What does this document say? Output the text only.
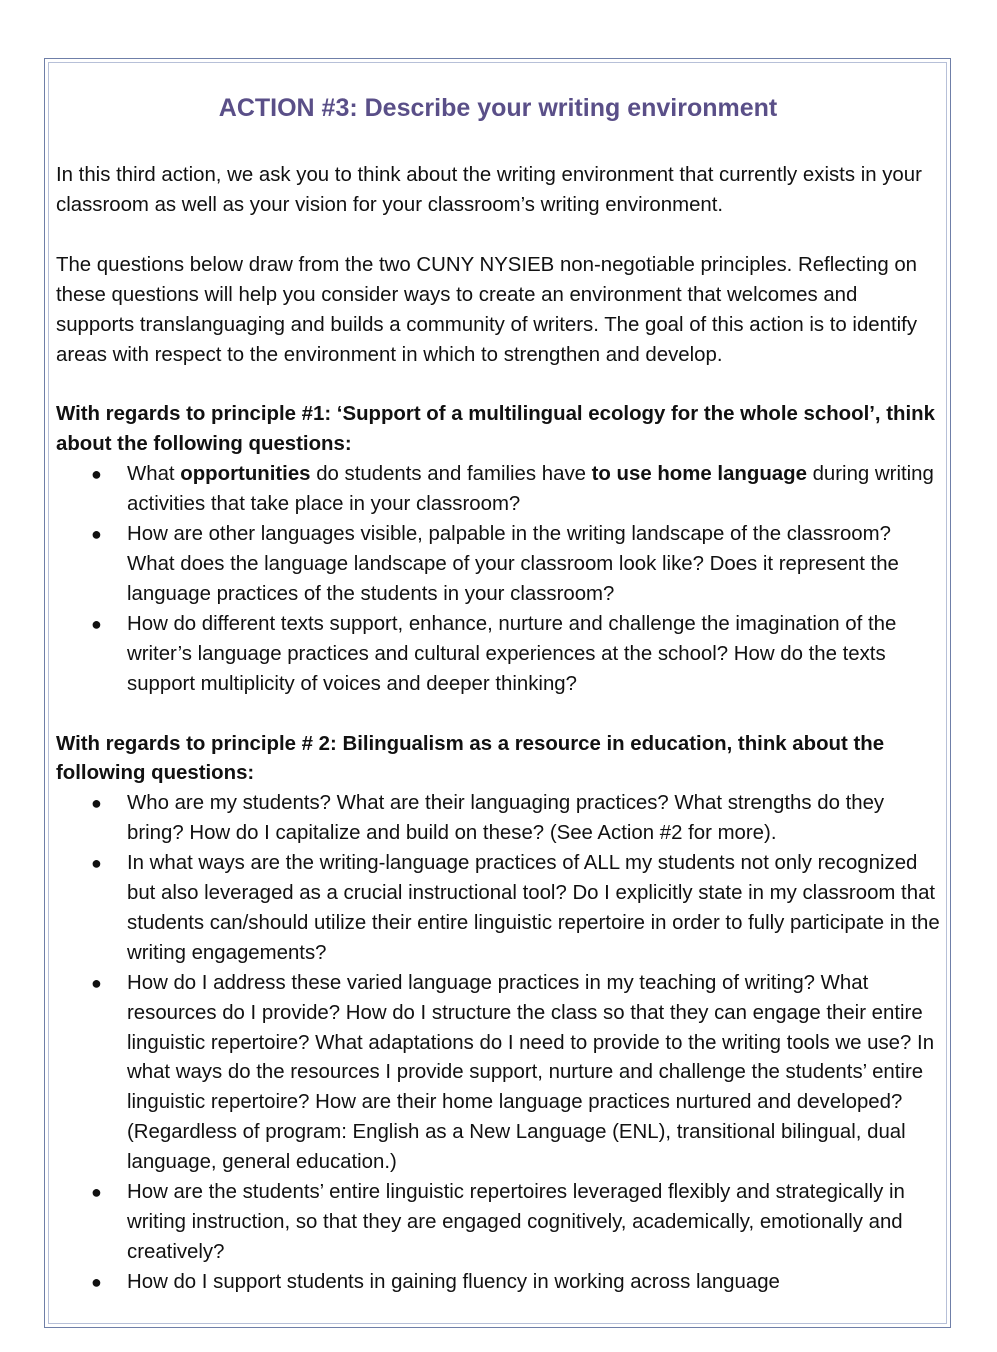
ACTION #3: Describe your writing environment

In this third action, we ask you to think about the writing environment that currently exists in your classroom as well as your vision for your classroom’s writing environment.

The questions below draw from the two CUNY NYSIEB non-negotiable principles. Reflecting on these questions will help you consider ways to create an environment that welcomes and supports translanguaging and builds a community of writers. The goal of this action is to identify areas with respect to the environment in which to strengthen and develop.

With regards to principle #1: ‘Support of a multilingual ecology for the whole school’, think about the following questions:

● What opportunities do students and families have to use home language during writing activities that take place in your classroom?
● How are other languages visible, palpable in the writing landscape of the classroom? What does the language landscape of your classroom look like? Does it represent the language practices of the students in your classroom?
● How do different texts support, enhance, nurture and challenge the imagination of the writer’s language practices and cultural experiences at the school? How do the texts support multiplicity of voices and deeper thinking?

With regards to principle # 2: Bilingualism as a resource in education, think about the following questions:

● Who are my students? What are their languaging practices? What strengths do they bring? How do I capitalize and build on these? (See Action #2 for more).
● In what ways are the writing-language practices of ALL my students not only recognized but also leveraged as a crucial instructional tool? Do I explicitly state in my classroom that students can/should utilize their entire linguistic repertoire in order to fully participate in the writing engagements?
● How do I address these varied language practices in my teaching of writing? What resources do I provide? How do I structure the class so that they can engage their entire linguistic repertoire? What adaptations do I need to provide to the writing tools we use? In what ways do the resources I provide support, nurture and challenge the students’ entire linguistic repertoire? How are their home language practices nurtured and developed? (Regardless of program: English as a New Language (ENL), transitional bilingual, dual language, general education.)
● How are the students’ entire linguistic repertoires leveraged flexibly and strategically in writing instruction, so that they are engaged cognitively, academically, emotionally and creatively?
● How do I support students in gaining fluency in working across language
